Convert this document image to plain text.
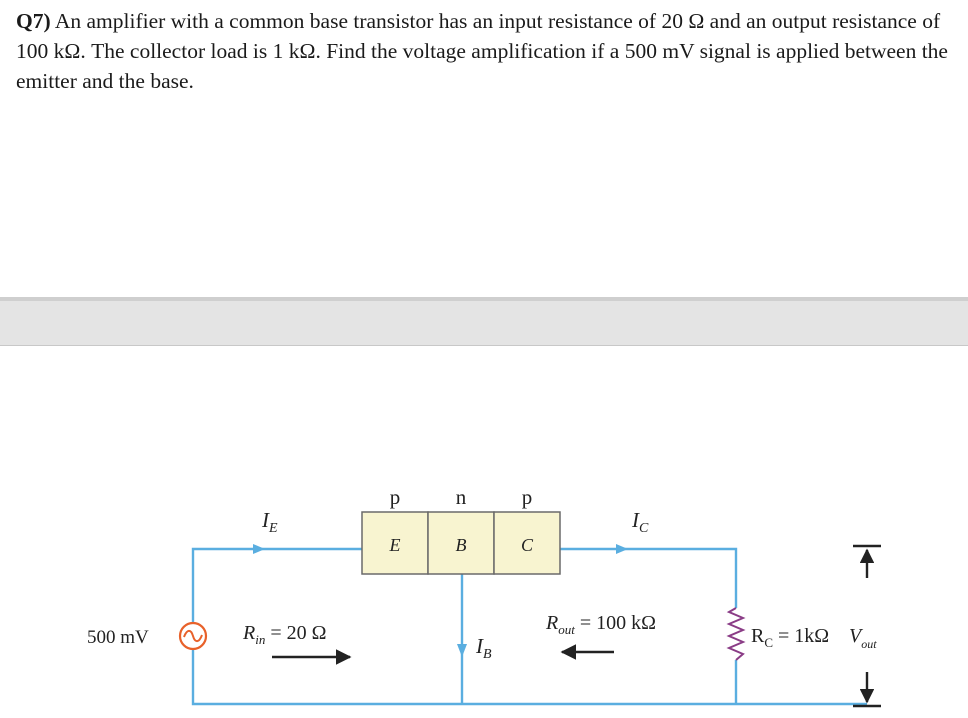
Q7) An amplifier with a common base transistor has an input resistance of 20 Ω and an output resistance of 100 kΩ. The collector load is 1 kΩ. Find the voltage amplification if a 500 mV signal is applied between the emitter and the base.
p	n	p
E	B	C
$I_E$	$I_C$
$I_B$
500 mV	$R_{in} = 20$ Ω	$R_{out} = 100$ kΩ
$R_C = 1k\Omega$ $V_{out}$
